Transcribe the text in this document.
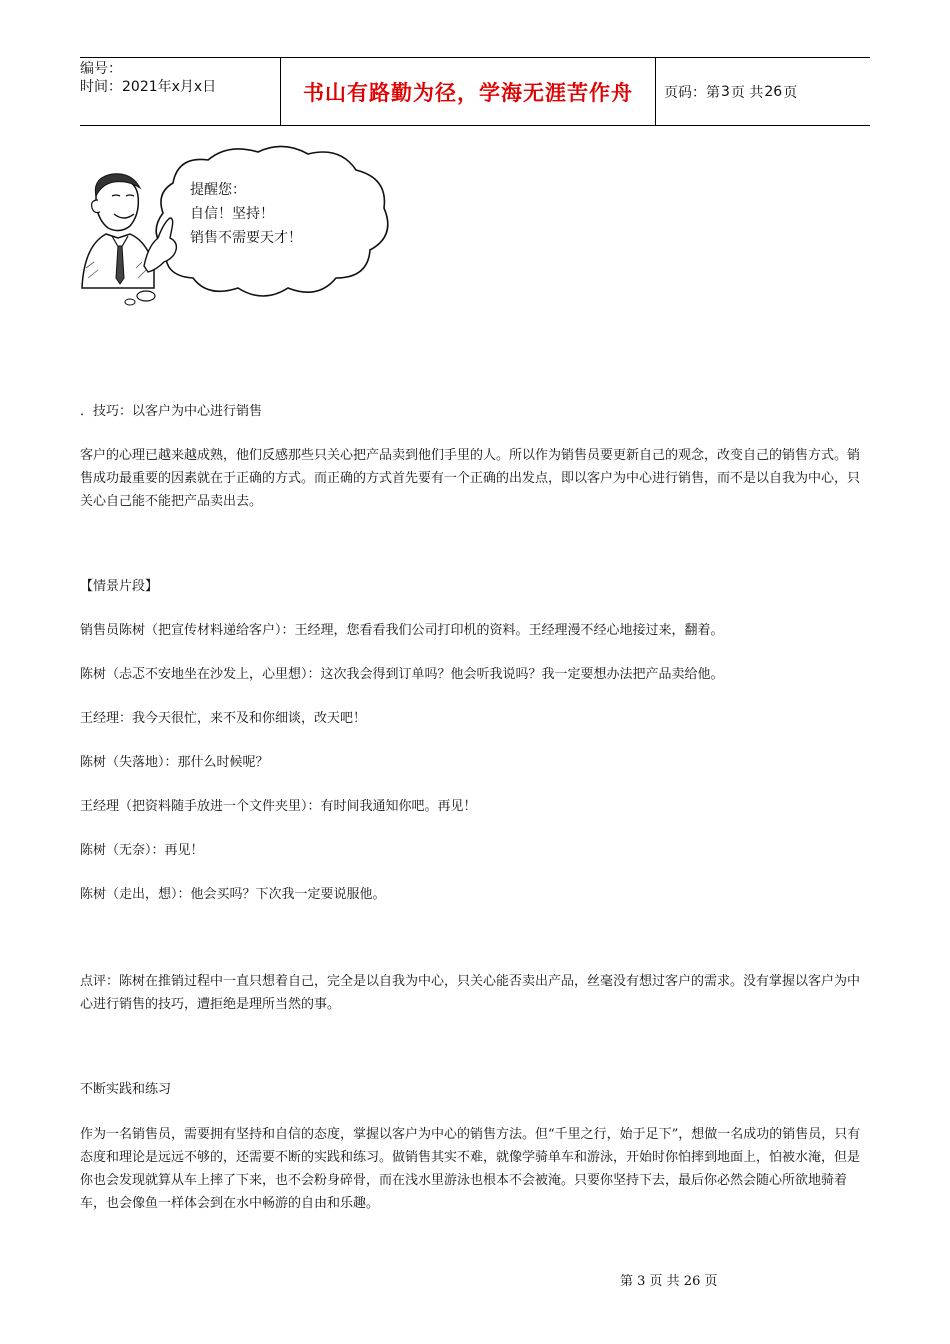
编号：
时间：2021年x月x日	书山有路勤为径，学海无涯苦作舟	页码：第 3 页 共 26 页
提醒您：
自信！坚持！
销售不需要天才！

．技巧：以客户为中心进行销售

客户的心理已越来越成熟，他们反感那些只关心把产品卖到他们手里的人。所以作为销售员要更新自己的观念，改变自己的销售方式。销售成功最重要的因素就在于正确的方式。而正确的方式首先要有一个正确的出发点，即以客户为中心进行销售，而不是以自我为中心，只关心自己能不能把产品卖出去。

【情景片段】

销售员陈树（把宣传材料递给客户）：王经理，您看看我们公司打印机的资料。王经理漫不经心地接过来，翻着。

陈树（忐忑不安地坐在沙发上，心里想）：这次我会得到订单吗？他会听我说吗？我一定要想办法把产品卖给他。

王经理：我今天很忙，来不及和你细谈，改天吧！

陈树（失落地）：那什么时候呢？

王经理（把资料随手放进一个文件夹里）：有时间我通知你吧。再见！

陈树（无奈）：再见！

陈树（走出，想）：他会买吗？下次我一定要说服他。

点评：陈树在推销过程中一直只想着自己，完全是以自我为中心，只关心能否卖出产品，丝毫没有想过客户的需求。没有掌握以客户为中心进行销售的技巧，遭拒绝是理所当然的事。

不断实践和练习

作为一名销售员，需要拥有坚持和自信的态度，掌握以客户为中心的销售方法。但“千里之行，始于足下”，想做一名成功的销售员，只有态度和理论是远远不够的，还需要不断的实践和练习。做销售其实不难，就像学骑单车和游泳，开始时你怕摔到地面上，怕被水淹，但是你也会发现就算从车上摔了下来，也不会粉身碎骨，而在浅水里游泳也根本不会被淹。只要你坚持下去，最后你必然会随心所欲地骑着车，也会像鱼一样体会到在水中畅游的自由和乐趣。

第 3 页 共 26 页
